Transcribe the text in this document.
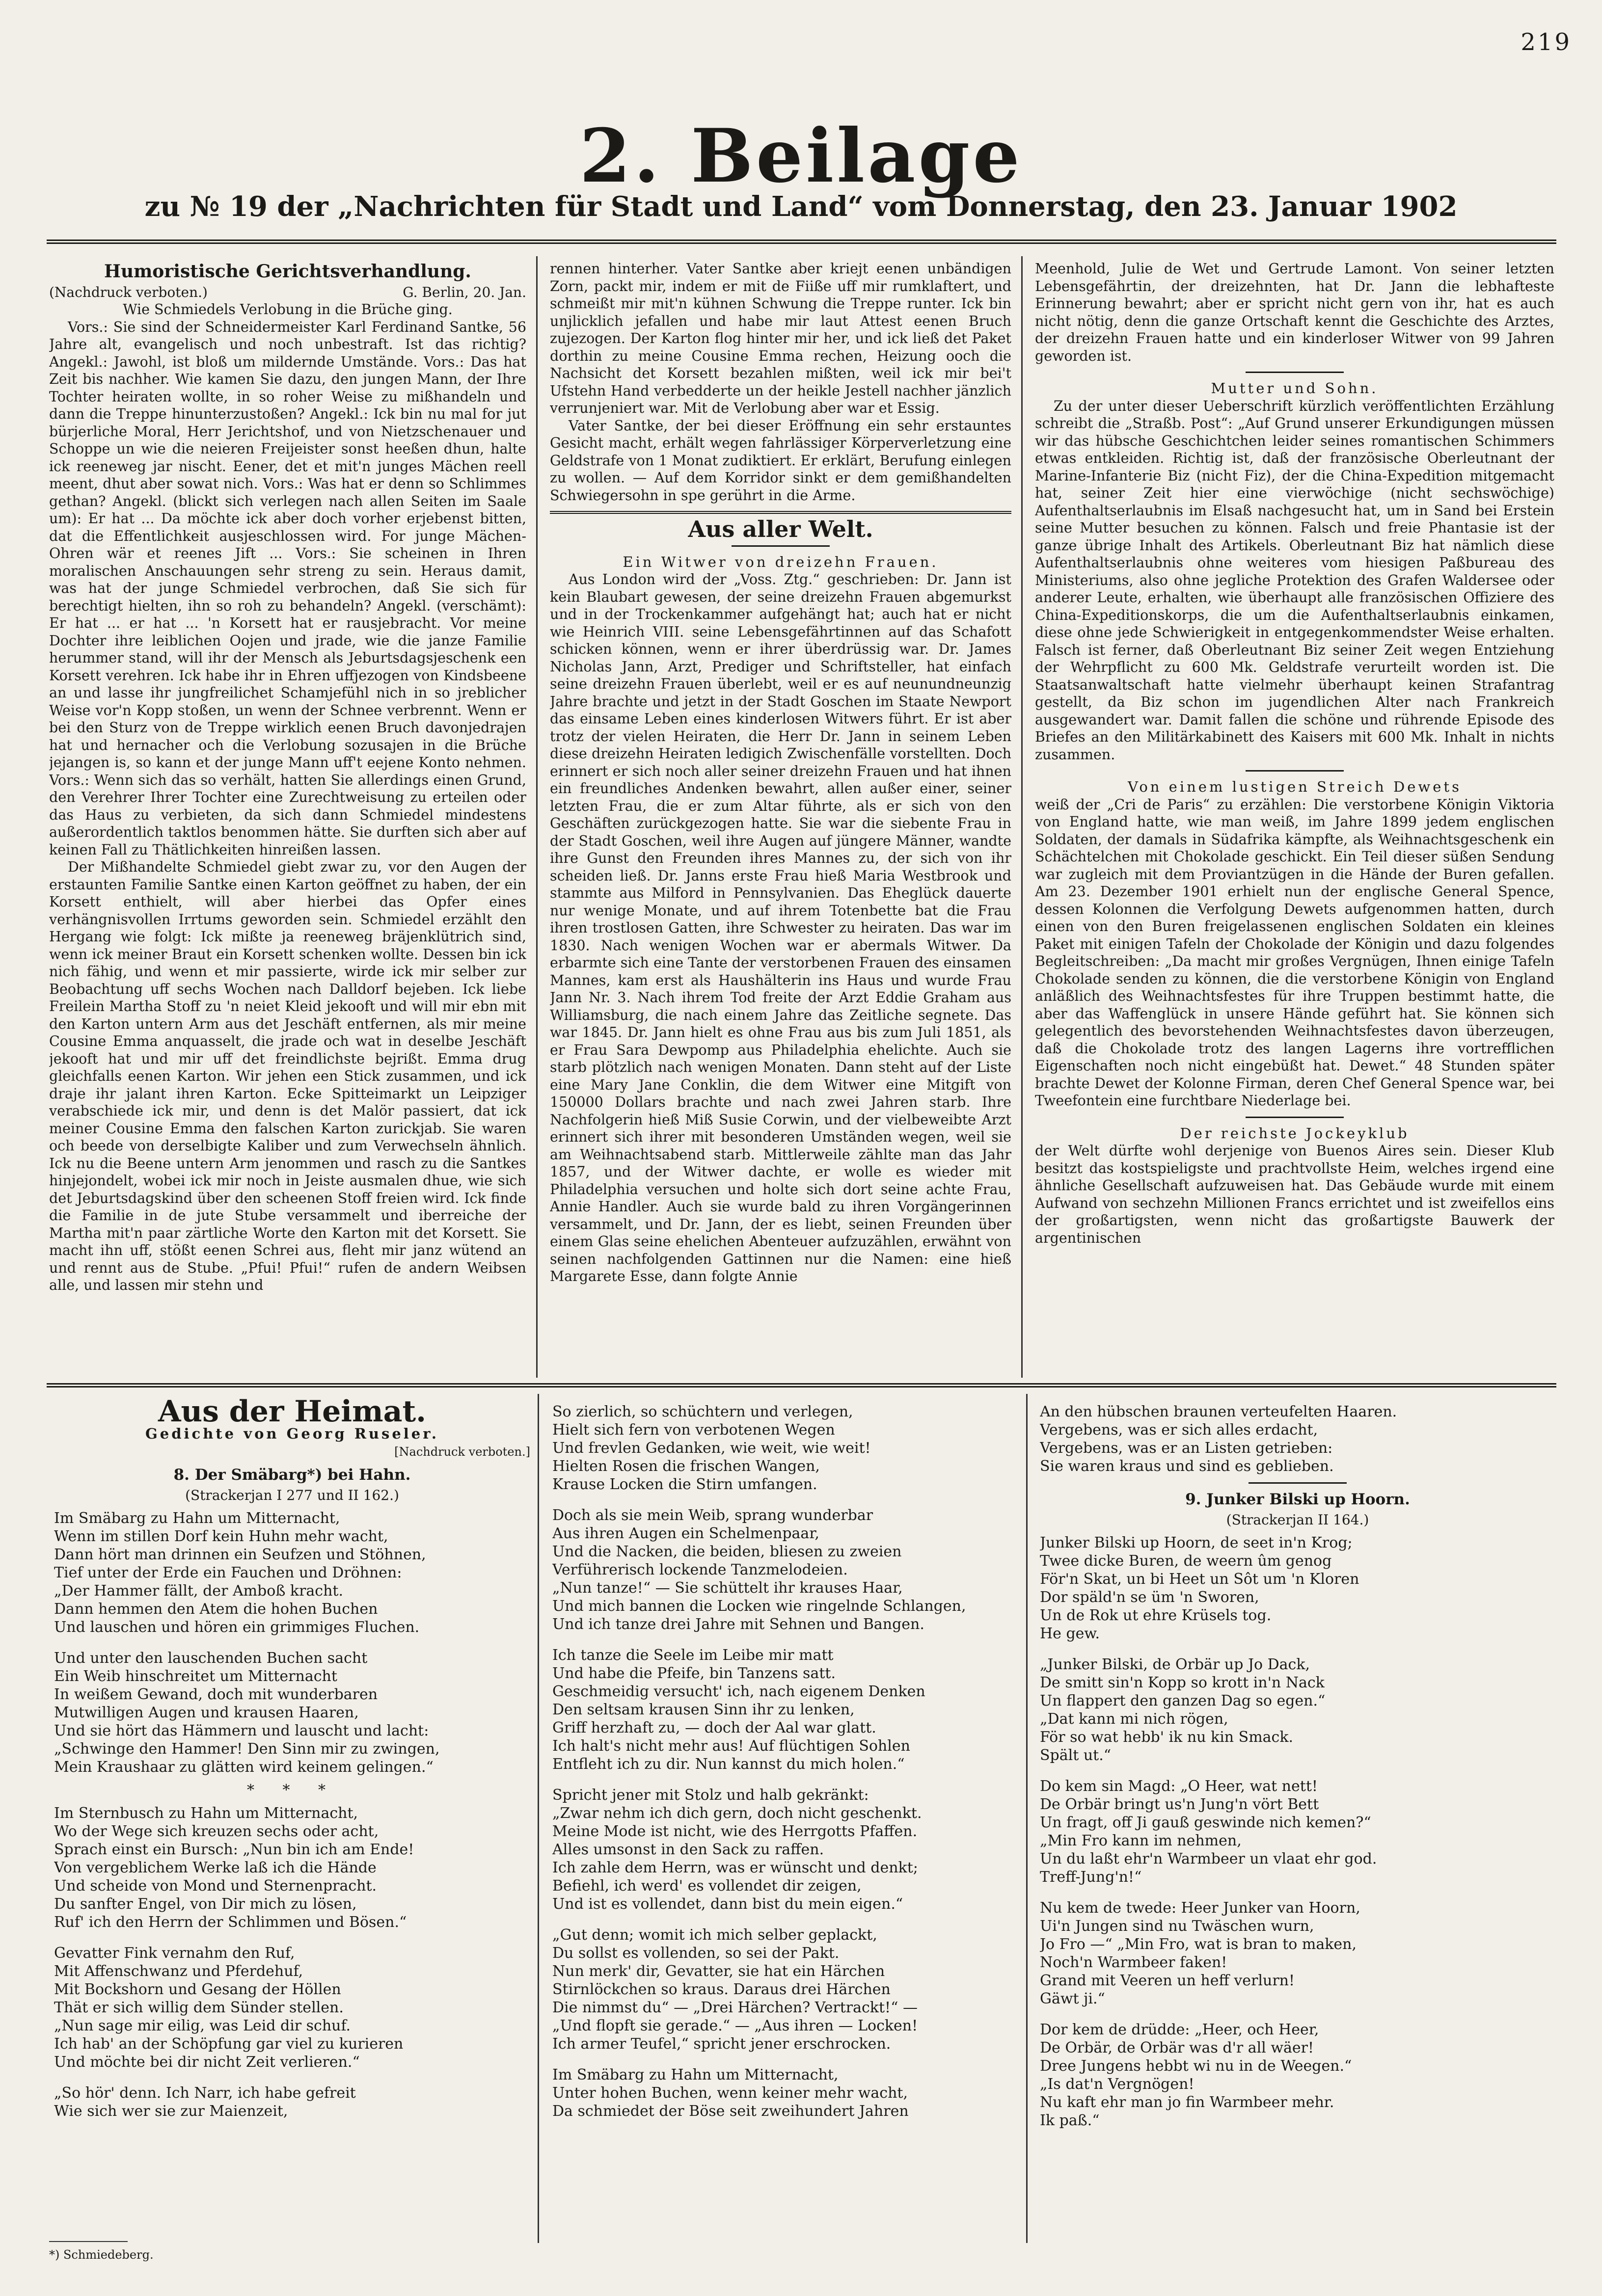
219
2. Beilage
zu № 19 der „Nachrichten für Stadt und Land“ vom Donnerstag, den 23. Januar 1902
Humoristische Gerichtsverhandlung.
(Nachdruck verboten.)	G. Berlin, 20. Jan.

Wie Schmiedels Verlobung in die Brüche ging.

Vors.: Sie sind der Schneidermeister Karl Ferdinand Santke, 56 Jahre alt, evangelisch und noch unbestraft. Ist das richtig? Angekl.: Jawohl, ist bloß um mildernde Umstände. Vors.: Das hat Zeit bis nachher. Wie kamen Sie dazu, den jungen Mann, der Ihre Tochter heiraten wollte, in so roher Weise zu mißhandeln und dann die Treppe hinunterzustoßen? Angekl.: Ick bin nu mal for jut bürjerliche Moral, Herr Jerichtshof, und von Nietzschenauer und Schoppe un wie die neieren Freijeister sonst heeßen dhun, halte ick reeneweg jar nischt. Eener, det et mit'n junges Mächen reell meent, dhut aber sowat nich. Vors.: Was hat er denn so Schlimmes gethan? Angekl. (blickt sich verlegen nach allen Seiten im Saale um): Er hat ... Da möchte ick aber doch vorher erjebenst bitten, dat die Effentlichkeit ausjeschlossen wird. For junge Mächen-Ohren wär et reenes Jift ... Vors.: Sie scheinen in Ihren moralischen Anschauungen sehr streng zu sein. Heraus damit, was hat der junge Schmiedel verbrochen, daß Sie sich für berechtigt hielten, ihn so roh zu behandeln? Angekl. (verschämt): Er hat ... er hat ... 'n Korsett hat er rausjebracht. Vor meine Dochter ihre leiblichen Oojen und jrade, wie die janze Familie herummer stand, will ihr der Mensch als Jeburtsdagsjeschenk een Korsett verehren. Ick habe ihr in Ehren uffjezogen von Kindsbeene an und lasse ihr jungfreilichet Schamjefühl nich in so jreblicher Weise vor'n Kopp stoßen, un wenn der Schnee verbrennt. Wenn er bei den Sturz von de Treppe wirklich eenen Bruch davonjedrajen hat und hernacher och die Verlobung sozusajen in die Brüche jejangen is, so kann et der junge Mann uff't eejene Konto nehmen. Vors.: Wenn sich das so verhält, hatten Sie allerdings einen Grund, den Verehrer Ihrer Tochter eine Zurechtweisung zu erteilen oder das Haus zu verbieten, da sich dann Schmiedel mindestens außerordentlich taktlos benommen hätte. Sie durften sich aber auf keinen Fall zu Thätlichkeiten hinreißen lassen.

Der Mißhandelte Schmiedel giebt zwar zu, vor den Augen der erstaunten Familie Santke einen Karton geöffnet zu haben, der ein Korsett enthielt, will aber hierbei das Opfer eines verhängnisvollen Irrtums geworden sein. Schmiedel erzählt den Hergang wie folgt: Ick mißte ja reeneweg bräjenklütrich sind, wenn ick meiner Braut ein Korsett schenken wollte. Dessen bin ick nich fähig, und wenn et mir passierte, wirde ick mir selber zur Beobachtung uff sechs Wochen nach Dalldorf bejeben. Ick liebe Freilein Martha Stoff zu 'n neiet Kleid jekooft und will mir ebn mit den Karton untern Arm aus det Jeschäft entfernen, als mir meine Cousine Emma anquasselt, die jrade och wat in deselbe Jeschäft jekooft hat und mir uff det freindlichste bejrißt. Emma drug gleichfalls eenen Karton. Wir jehen een Stick zusammen, und ick draje ihr jalant ihren Karton. Ecke Spitteimarkt un Leipziger verabschiede ick mir, und denn is det Malör passiert, dat ick meiner Cousine Emma den falschen Karton zurickjab. Sie waren och beede von derselbigte Kaliber und zum Verwechseln ähnlich. Ick nu die Beene untern Arm jenommen und rasch zu die Santkes hinjejondelt, wobei ick mir noch in Jeiste ausmalen dhue, wie sich det Jeburtsdagskind über den scheenen Stoff freien wird. Ick finde die Familie in de jute Stube versammelt und iberreiche der Martha mit'n paar zärtliche Worte den Karton mit det Korsett. Sie macht ihn uff, stößt eenen Schrei aus, fleht mir janz wütend an und rennt aus de Stube. „Pfui! Pfui!“ rufen de andern Weibsen alle, und lassen mir stehn und

rennen hinterher. Vater Santke aber kriejt eenen unbändigen Zorn, packt mir, indem er mit de Fiiße uff mir rumklaftert, und schmeißt mir mit'n kühnen Schwung die Treppe runter. Ick bin unjlicklich jefallen und habe mir laut Attest eenen Bruch zujezogen. Der Karton flog hinter mir her, und ick ließ det Paket dorthin zu meine Cousine Emma rechen, Heizung ooch die Nachsicht det Korsett bezahlen mißten, weil ick mir bei't Ufstehn Hand verbedderte un der heikle Jestell nachher jänzlich verrunjeniert war. Mit de Verlobung aber war et Essig.

Vater Santke, der bei dieser Eröffnung ein sehr erstauntes Gesicht macht, erhält wegen fahrlässiger Körperverletzung eine Geldstrafe von 1 Monat zudiktiert. Er erklärt, Berufung einlegen zu wollen. — Auf dem Korridor sinkt er dem gemißhandelten Schwiegersohn in spe gerührt in die Arme.

Aus aller Welt.

Ein Witwer von dreizehn Frauen.

Aus London wird der „Voss. Ztg.“ geschrieben: Dr. Jann ist kein Blaubart gewesen, der seine dreizehn Frauen abgemurkst und in der Trockenkammer aufgehängt hat; auch hat er nicht wie Heinrich VIII. seine Lebensgefährtinnen auf das Schafott schicken können, wenn er ihrer überdrüssig war. Dr. James Nicholas Jann, Arzt, Prediger und Schriftsteller, hat einfach seine dreizehn Frauen überlebt, weil er es auf neunundneunzig Jahre brachte und jetzt in der Stadt Goschen im Staate Newport das einsame Leben eines kinderlosen Witwers führt. Er ist aber trotz der vielen Heiraten, die Herr Dr. Jann in seinem Leben diese dreizehn Heiraten ledigich Zwischenfälle vorstellten. Doch erinnert er sich noch aller seiner dreizehn Frauen und hat ihnen ein freundliches Andenken bewahrt, allen außer einer, seiner letzten Frau, die er zum Altar führte, als er sich von den Geschäften zurückgezogen hatte. Sie war die siebente Frau in der Stadt Goschen, weil ihre Augen auf jüngere Männer, wandte ihre Gunst den Freunden ihres Mannes zu, der sich von ihr scheiden ließ. Dr. Janns erste Frau hieß Maria Westbrook und stammte aus Milford in Pennsylvanien. Das Eheglück dauerte nur wenige Monate, und auf ihrem Totenbette bat die Frau ihren trostlosen Gatten, ihre Schwester zu heiraten. Das war im 1830. Nach wenigen Wochen war er abermals Witwer. Da erbarmte sich eine Tante der verstorbenen Frauen des einsamen Mannes, kam erst als Haushälterin ins Haus und wurde Frau Jann Nr. 3. Nach ihrem Tod freite der Arzt Eddie Graham aus Williamsburg, die nach einem Jahre das Zeitliche segnete. Das war 1845. Dr. Jann hielt es ohne Frau aus bis zum Juli 1851, als er Frau Sara Dewpomp aus Philadelphia ehelichte. Auch sie starb plötzlich nach wenigen Monaten. Dann steht auf der Liste eine Mary Jane Conklin, die dem Witwer eine Mitgift von 150000 Dollars brachte und nach zwei Jahren starb. Ihre Nachfolgerin hieß Miß Susie Corwin, und der vielbeweibte Arzt erinnert sich ihrer mit besonderen Umständen wegen, weil sie am Weihnachtsabend starb. Mittlerweile zählte man das Jahr 1857, und der Witwer dachte, er wolle es wieder mit Philadelphia versuchen und holte sich dort seine achte Frau, Annie Handler. Auch sie wurde bald zu ihren Vorgängerinnen versammelt, und Dr. Jann, der es liebt, seinen Freunden über einem Glas seine ehelichen Abenteuer aufzuzählen, erwähnt von seinen nachfolgenden Gattinnen nur die Namen: eine hieß Margarete Esse, dann folgte Annie

Meenhold, Julie de Wet und Gertrude Lamont. Von seiner letzten Lebensgefährtin, der dreizehnten, hat Dr. Jann die lebhafteste Erinnerung bewahrt; aber er spricht nicht gern von ihr, hat es auch nicht nötig, denn die ganze Ortschaft kennt die Geschichte des Arztes, der dreizehn Frauen hatte und ein kinderloser Witwer von 99 Jahren geworden ist.

Mutter und Sohn.

Zu der unter dieser Ueberschrift kürzlich veröffentlichten Erzählung schreibt die „Straßb. Post“: „Auf Grund unserer Erkundigungen müssen wir das hübsche Geschichtchen leider seines romantischen Schimmers etwas entkleiden. Richtig ist, daß der französische Oberleutnant der Marine-Infanterie Biz (nicht Fiz), der die China-Expedition mitgemacht hat, seiner Zeit hier eine vierwöchige (nicht sechswöchige) Aufenthaltserlaubnis im Elsaß nachgesucht hat, um in Sand bei Erstein seine Mutter besuchen zu können. Falsch und freie Phantasie ist der ganze übrige Inhalt des Artikels. Oberleutnant Biz hat nämlich diese Aufenthaltserlaubnis ohne weiteres vom hiesigen Paßbureau des Ministeriums, also ohne jegliche Protektion des Grafen Waldersee oder anderer Leute, erhalten, wie überhaupt alle französischen Offiziere des China-Expeditionskorps, die um die Aufenthaltserlaubnis einkamen, diese ohne jede Schwierigkeit in entgegenkommendster Weise erhalten. Falsch ist ferner, daß Oberleutnant Biz seiner Zeit wegen Entziehung der Wehrpflicht zu 600 Mk. Geldstrafe verurteilt worden ist. Die Staatsanwaltschaft hatte vielmehr überhaupt keinen Strafantrag gestellt, da Biz schon im jugendlichen Alter nach Frankreich ausgewandert war. Damit fallen die schöne und rührende Episode des Briefes an den Militärkabinett des Kaisers mit 600 Mk. Inhalt in nichts zusammen.

Von einem lustigen Streich Dewets

weiß der „Cri de Paris“ zu erzählen: Die verstorbene Königin Viktoria von England hatte, wie man weiß, im Jahre 1899 jedem englischen Soldaten, der damals in Südafrika kämpfte, als Weihnachtsgeschenk ein Schächtelchen mit Chokolade geschickt. Ein Teil dieser süßen Sendung war zugleich mit dem Proviantzügen in die Hände der Buren gefallen. Am 23. Dezember 1901 erhielt nun der englische General Spence, dessen Kolonnen die Verfolgung Dewets aufgenommen hatten, durch einen von den Buren freigelassenen englischen Soldaten ein kleines Paket mit einigen Tafeln der Chokolade der Königin und dazu folgendes Begleitschreiben: „Da macht mir großes Vergnügen, Ihnen einige Tafeln Chokolade senden zu können, die die verstorbene Königin von England anläßlich des Weihnachtsfestes für ihre Truppen bestimmt hatte, die aber das Waffenglück in unsere Hände geführt hat. Sie können sich gelegentlich des bevorstehenden Weihnachtsfestes davon überzeugen, daß die Chokolade trotz des langen Lagerns ihre vortrefflichen Eigenschaften noch nicht eingebüßt hat. Dewet.“ 48 Stunden später brachte Dewet der Kolonne Firman, deren Chef General Spence war, bei Tweefontein eine furchtbare Niederlage bei.

Der reichste Jockeyklub

der Welt dürfte wohl derjenige von Buenos Aires sein. Dieser Klub besitzt das kostspieligste und prachtvollste Heim, welches irgend eine ähnliche Gesellschaft aufzuweisen hat. Das Gebäude wurde mit einem Aufwand von sechzehn Millionen Francs errichtet und ist zweifellos eins der großartigsten, wenn nicht das großartigste Bauwerk der argentinischen

Aus der Heimat.

Gedichte von Georg Ruseler.

[Nachdruck verboten.]

8. Der Smäbarg*) bei Hahn.

(Strackerjan I 277 und II 162.)

Im Smäbarg zu Hahn um Mitternacht,
Wenn im stillen Dorf kein Huhn mehr wacht,
Dann hört man drinnen ein Seufzen und Stöhnen,
Tief unter der Erde ein Fauchen und Dröhnen:
„Der Hammer fällt, der Amboß kracht.
Dann hemmen den Atem die hohen Buchen
Und lauschen und hören ein grimmiges Fluchen.
Und unter den lauschenden Buchen sacht
Ein Weib hinschreitet um Mitternacht
In weißem Gewand, doch mit wunderbaren
Mutwilligen Augen und krausen Haaren,
Und sie hört das Hämmern und lauscht und lacht:
„Schwinge den Hammer! Den Sinn mir zu zwingen,
Mein Kraushaar zu glätten wird keinem gelingen.“
* * *
Im Sternbusch zu Hahn um Mitternacht,
Wo der Wege sich kreuzen sechs oder acht,
Sprach einst ein Bursch: „Nun bin ich am Ende!
Von vergeblichem Werke laß ich die Hände
Und scheide von Mond und Sternenpracht.
Du sanfter Engel, von Dir mich zu lösen,
Ruf' ich den Herrn der Schlimmen und Bösen.“
Gevatter Fink vernahm den Ruf,
Mit Affenschwanz und Pferdehuf,
Mit Bockshorn und Gesang der Höllen
Thät er sich willig dem Sünder stellen.
„Nun sage mir eilig, was Leid dir schuf.
Ich hab' an der Schöpfung gar viel zu kurieren
Und möchte bei dir nicht Zeit verlieren.“
„So hör' denn. Ich Narr, ich habe gefreit
Wie sich wer sie zur Maienzeit,
So zierlich, so schüchtern und verlegen,
Hielt sich fern von verbotenen Wegen
Und frevlen Gedanken, wie weit, wie weit!
Hielten Rosen die frischen Wangen,
Krause Locken die Stirn umfangen.
Doch als sie mein Weib, sprang wunderbar
Aus ihren Augen ein Schelmenpaar,
Und die Nacken, die beiden, bliesen zu zweien
Verführerisch lockende Tanzmelodeien.
„Nun tanze!“ — Sie schüttelt ihr krauses Haar,
Und mich bannen die Locken wie ringelnde Schlangen,
Und ich tanze drei Jahre mit Sehnen und Bangen.
Ich tanze die Seele im Leibe mir matt
Und habe die Pfeife, bin Tanzens satt.
Geschmeidig versucht' ich, nach eigenem Denken
Den seltsam krausen Sinn ihr zu lenken,
Griff herzhaft zu, — doch der Aal war glatt.
Ich halt's nicht mehr aus! Auf flüchtigen Sohlen
Entfleht ich zu dir. Nun kannst du mich holen.“
Spricht jener mit Stolz und halb gekränkt:
„Zwar nehm ich dich gern, doch nicht geschenkt.
Meine Mode ist nicht, wie des Herrgotts Pfaffen.
Alles umsonst in den Sack zu raffen.
Ich zahle dem Herrn, was er wünscht und denkt;
Befiehl, ich werd' es vollendet dir zeigen,
Und ist es vollendet, dann bist du mein eigen.“
„Gut denn; womit ich mich selber geplackt,
Du sollst es vollenden, so sei der Pakt.
Nun merk' dir, Gevatter, sie hat ein Härchen
Stirnlöckchen so kraus. Daraus drei Härchen
Die nimmst du“ — „Drei Härchen? Vertrackt!“ —
„Und flopft sie gerade.“ — „Aus ihren — Locken!
Ich armer Teufel,“ spricht jener erschrocken.
Im Smäbarg zu Hahn um Mitternacht,
Unter hohen Buchen, wenn keiner mehr wacht,
Da schmiedet der Böse seit zweihundert Jahren
An den hübschen braunen verteufelten Haaren.
Vergebens, was er sich alles erdacht,
Vergebens, was er an Listen getrieben:
Sie waren kraus und sind es geblieben.

9. Junker Bilski up Hoorn.

(Strackerjan II 164.)

Junker Bilski up Hoorn, de seet in'n Krog;
Twee dicke Buren, de weern ûm genog
För'n Skat, un bi Heet un Sôt um 'n Kloren
Dor späld'n se üm 'n Sworen,
Un de Rok ut ehre Krüsels tog.
He gew.
„Junker Bilski, de Orbär up Jo Dack,
De smitt sin'n Kopp so krott in'n Nack
Un flappert den ganzen Dag so egen.“
„Dat kann mi nich rögen,
För so wat hebb' ik nu kin Smack.
Spält ut.“
Do kem sin Magd: „O Heer, wat nett!
De Orbär bringt us'n Jung'n vört Bett
Un fragt, off Ji gauß geswinde nich kemen?“
„Min Fro kann im nehmen,
Un du laßt ehr'n Warmbeer un vlaat ehr god.
Treff-Jung'n!“
Nu kem de twede: Heer Junker van Hoorn,
Ui'n Jungen sind nu Twäschen wurn,
Jo Fro —“ „Min Fro, wat is bran to maken,
Noch'n Warmbeer faken!
Grand mit Veeren un heff verlurn!
Gäwt ji.“
Dor kem de drüdde: „Heer, och Heer,
De Orbär, de Orbär was d'r all wäer!
Dree Jungens hebbt wi nu in de Weegen.“
„Is dat'n Vergnögen!
Nu kaft ehr man jo fin Warmbeer mehr.
Ik paß.“
*) Schmiedeberg.
